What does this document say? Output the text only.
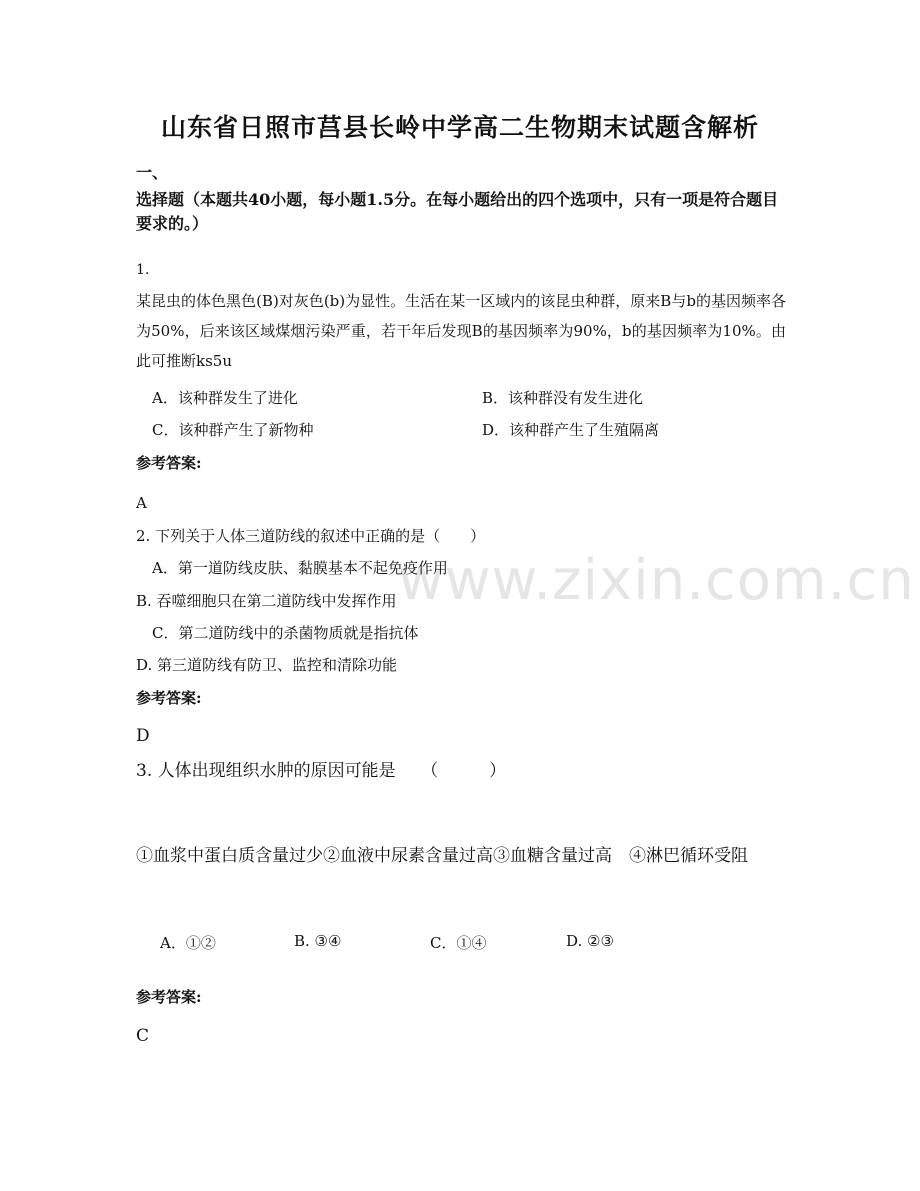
山东省日照市莒县长岭中学高二生物期末试题含解析
一、
选择题（本题共40小题，每小题1.5分。在每小题给出的四个选项中，只有一项是符合题目要求的。）
www.zixin.com.cn
1.
某昆虫的体色黑色(B)对灰色(b)为显性。生活在某一区域内的该昆虫种群，原来B与b的基因频率各为50%，后来该区域煤烟污染严重，若干年后发现B的基因频率为90%，b的基因频率为10%。由此可推断ks5u
A．该种群发生了进化	B．该种群没有发生进化
C．该种群产生了新物种	D．该种群产生了生殖隔离
参考答案:
A
2. 下列关于人体三道防线的叙述中正确的是（　　）
A．第一道防线皮肤、黏膜基本不起免疫作用
B. 吞噬细胞只在第二道防线中发挥作用
C．第二道防线中的杀菌物质就是指抗体
D. 第三道防线有防卫、监控和清除功能
参考答案:
D
3. 人体出现组织水肿的原因可能是　　（　　　）
①血浆中蛋白质含量过少②血液中尿素含量过高③血糖含量过高　④淋巴循环受阻
A．①②	B. ③④	C．①④	D. ②③
参考答案:
C
